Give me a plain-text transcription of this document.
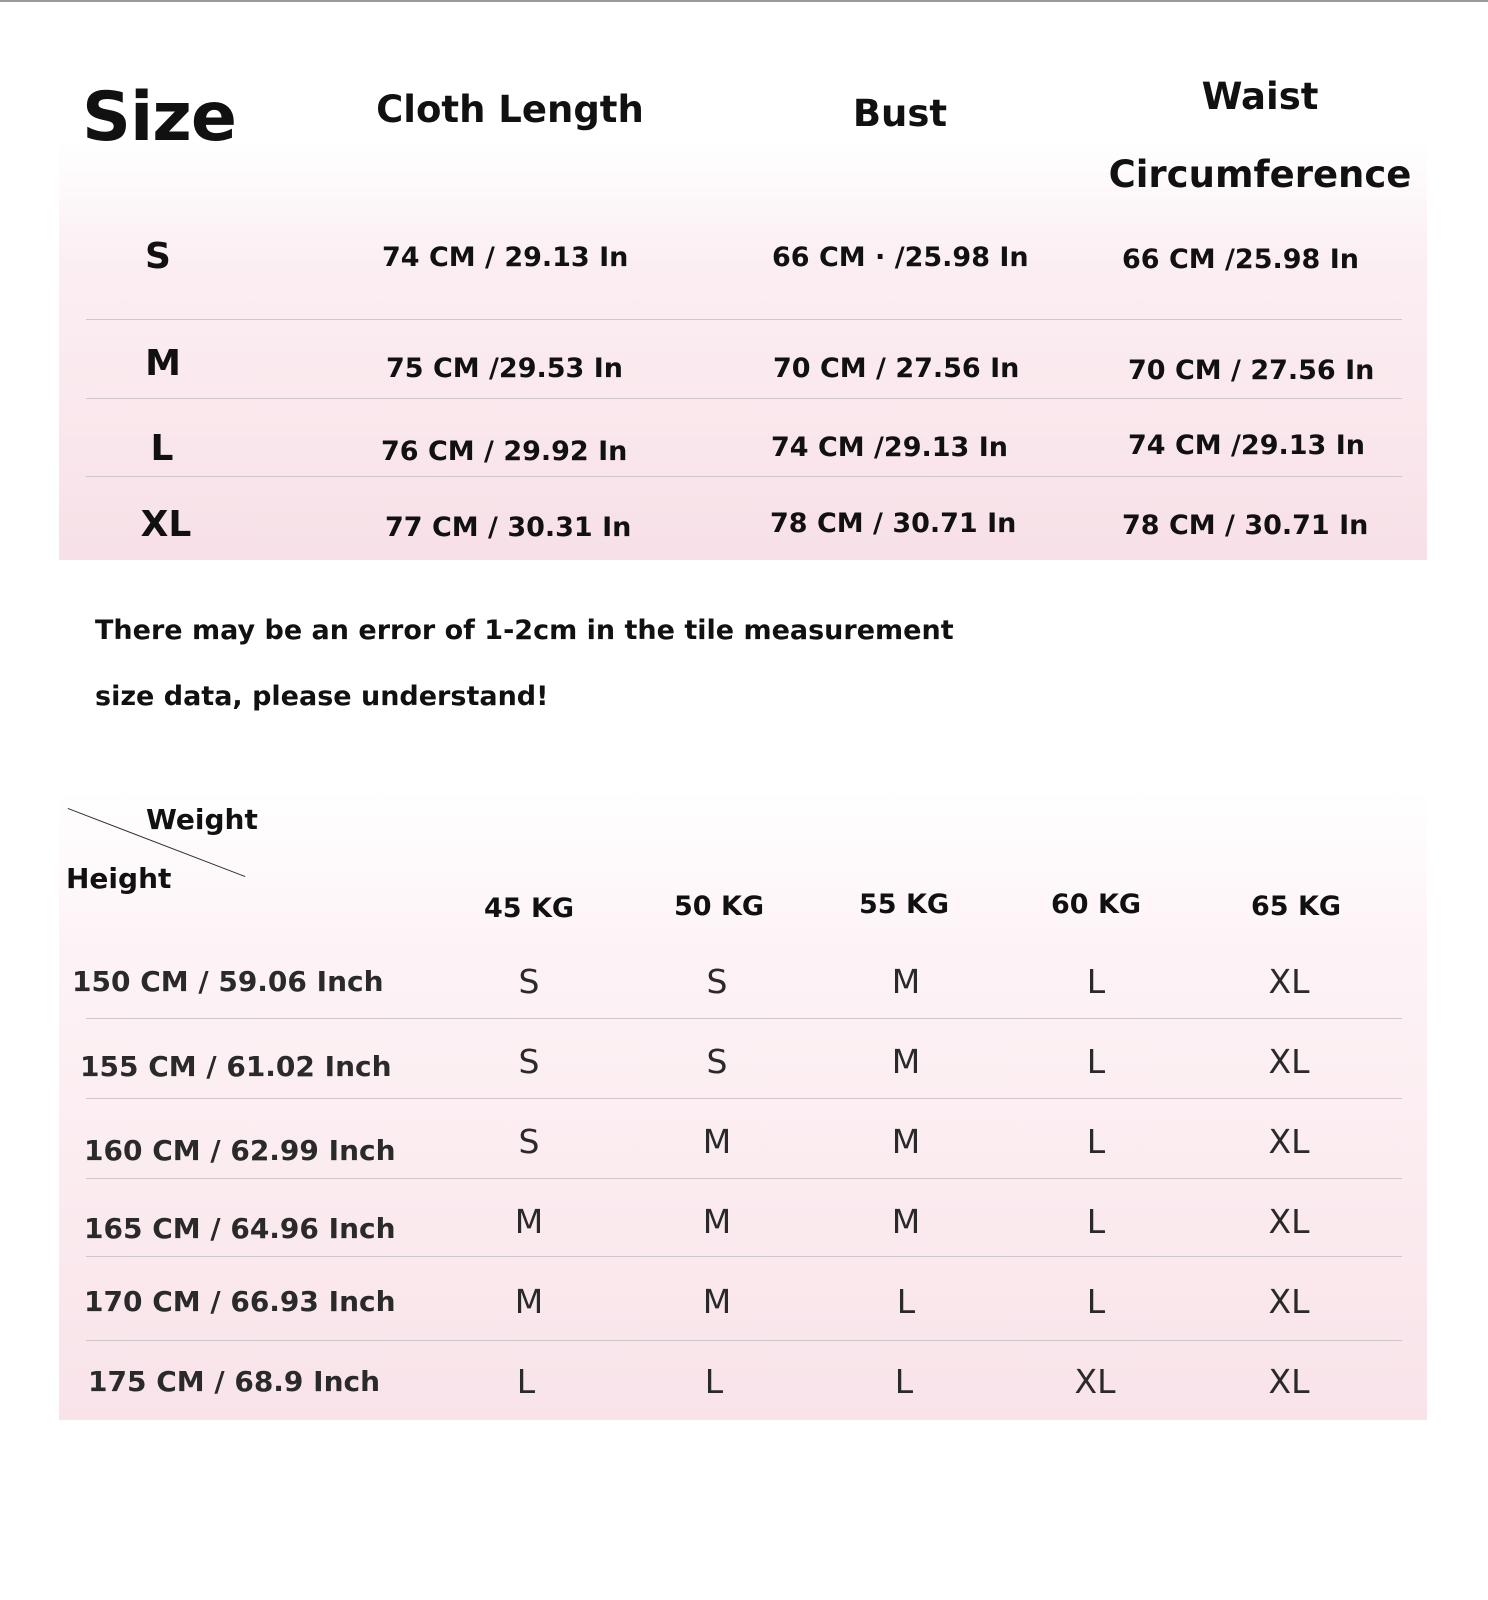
Size	Cloth Length	Bust	Waist
Circumference
S	74 CM / 29.13 In	66 CM · /25.98 In	66 CM /25.98 In
M	75 CM /29.53 In	70 CM / 27.56 In	70 CM / 27.56 In
L	76 CM / 29.92 In	74 CM /29.13 In	74 CM /29.13 In
XL	77 CM / 30.31 In	78 CM / 30.71 In	78 CM / 30.71 In
There may be an error of 1-2cm in the tile measurement
size data, please understand!
Weight
Height
45 KG	50 KG	55 KG	60 KG	65 KG
150 CM / 59.06 Inch	S	S	M	L	XL
155 CM / 61.02 Inch	S	S	M	L	XL
160 CM / 62.99 Inch	S	M	M	L	XL
165 CM / 64.96 Inch	M	M	M	L	XL
170 CM / 66.93 Inch	M	M	L	L	XL
175 CM / 68.9 Inch	L	L	L	XL	XL
